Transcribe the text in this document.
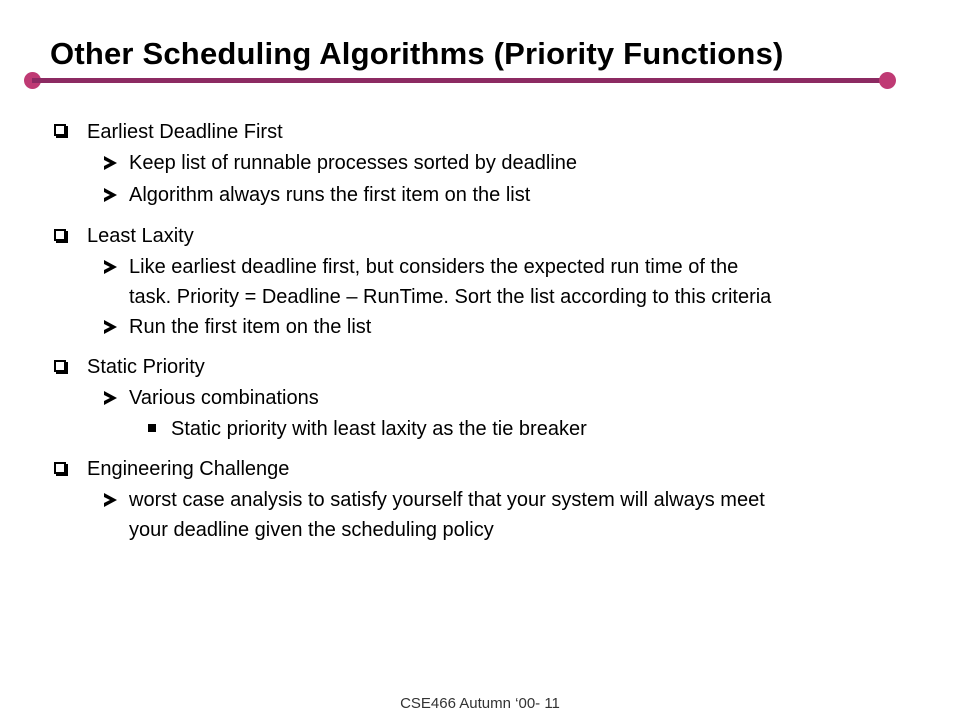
Other Scheduling Algorithms (Priority Functions)

Earliest Deadline First

Keep list of runnable processes sorted by deadline

Algorithm always runs the first item on the list

Least Laxity

Like earliest deadline first, but considers the expected run time of the

task. Priority = Deadline – RunTime. Sort the list according to this criteria

Run the first item on the list

Static Priority

Various combinations

Static priority with least laxity as the tie breaker

Engineering Challenge

worst case analysis to satisfy yourself that your system will always meet

your deadline given the scheduling policy

CSE466 Autumn ‘00- 11
